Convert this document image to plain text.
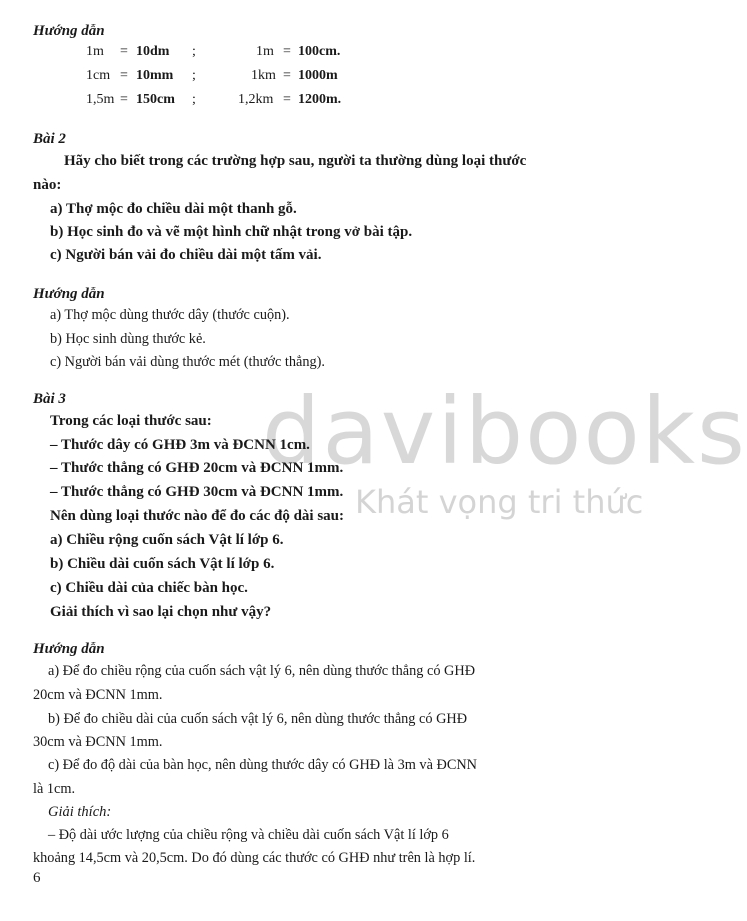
davibooks
Khát vọng tri thức
Hướng dẫn
1m = 10dm ;	1m = 100cm.
1cm = 10mm ;	1km = 1000m
1,5m = 150cm ;	1,2km = 1200m.
Bài 2
Hãy cho biết trong các trường hợp sau, người ta thường dùng loại thước
nào:
a) Thợ mộc đo chiều dài một thanh gỗ.
b) Học sinh đo và vẽ một hình chữ nhật trong vở bài tập.
c) Người bán vải đo chiều dài một tấm vải.
Hướng dẫn
a) Thợ mộc dùng thước dây (thước cuộn).
b) Học sinh dùng thước kẻ.
c) Người bán vải dùng thước mét (thước thẳng).
Bài 3
Trong các loại thước sau:
– Thước dây có GHĐ 3m và ĐCNN 1cm.
– Thước thẳng có GHĐ 20cm và ĐCNN 1mm.
– Thước thẳng có GHĐ 30cm và ĐCNN 1mm.
Nên dùng loại thước nào để đo các độ dài sau:
a) Chiều rộng cuốn sách Vật lí lớp 6.
b) Chiều dài cuốn sách Vật lí lớp 6.
c) Chiều dài của chiếc bàn học.
Giải thích vì sao lại chọn như vậy?
Hướng dẫn
a) Để đo chiều rộng của cuốn sách vật lý 6, nên dùng thước thẳng có GHĐ
20cm và ĐCNN 1mm.
b) Để đo chiều dài của cuốn sách vật lý 6, nên dùng thước thẳng có GHĐ
30cm và ĐCNN 1mm.
c) Để đo độ dài của bàn học, nên dùng thước dây có GHĐ là 3m và ĐCNN
là 1cm.
Giải thích:
– Độ dài ước lượng của chiều rộng và chiều dài cuốn sách Vật lí lớp 6
khoảng 14,5cm và 20,5cm. Do đó dùng các thước có GHĐ như trên là hợp lí.
6
